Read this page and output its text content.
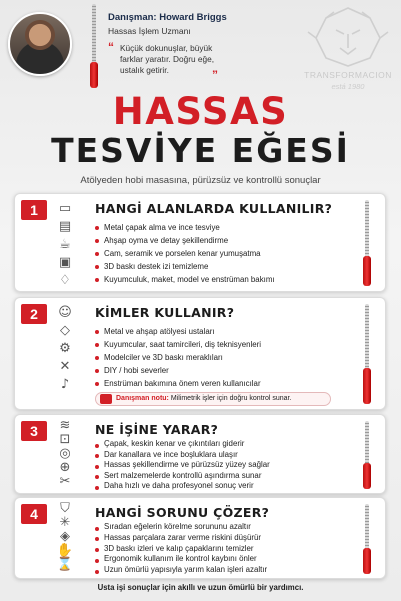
Danışman: Howard Briggs
Hassas İşlem Uzmanı
“ Küçük dokunuşlar, büyük farklar yaratır. Doğru eğe, ustalık getirir.	”	TRANSFORMACION
está 1980
HASSAS
TESVİYE EĞESİ
Atölyeden hobi masasına, pürüzsüz ve kontrollü sonuçlar
1	▭
▤
☕
▣
♢
HANGİ ALANLARDA KULLANILIR?
Metal çapak alma ve ince tesviye
Ahşap oyma ve detay şekillendirme
Cam, seramik ve porselen kenar yumuşatma
3D baskı destek izi temizleme
Kuyumculuk, maket, model ve enstrüman bakımı
2	☺
◇
⚙
✕
♪
KİMLER KULLANIR?
Metal ve ahşap atölyesi ustaları
Kuyumcular, saat tamircileri, diş teknisyenleri
Modelciler ve 3D baskı meraklıları
DIY / hobi severler
Enstrüman bakımına önem veren kullanıcılar
Danışman notu: Milimetrik işler için doğru kontrol sunar.
3	≋
⊡
◎
⊕
✂
NE İŞİNE YARAR?
Çapak, keskin kenar ve çıkıntıları giderir
Dar kanallara ve ince boşluklara ulaşır
Hassas şekillendirme ve pürüzsüz yüzey sağlar
Sert malzemelerde kontrollü aşındırma sunar
Daha hızlı ve daha profesyonel sonuç verir
4	⛉
✳
◈
✋
⌛
HANGİ SORUNU ÇÖZER?
Sıradan eğelerin körelme sorununu azaltır
Hassas parçalara zarar verme riskini düşürür
3D baskı izleri ve kalıp çapaklarını temizler
Ergonomik kullanım ile kontrol kaybını önler
Uzun ömürlü yapısıyla yarım kalan işleri azaltır
Usta işi sonuçlar için akıllı ve uzun ömürlü bir yardımcı.
